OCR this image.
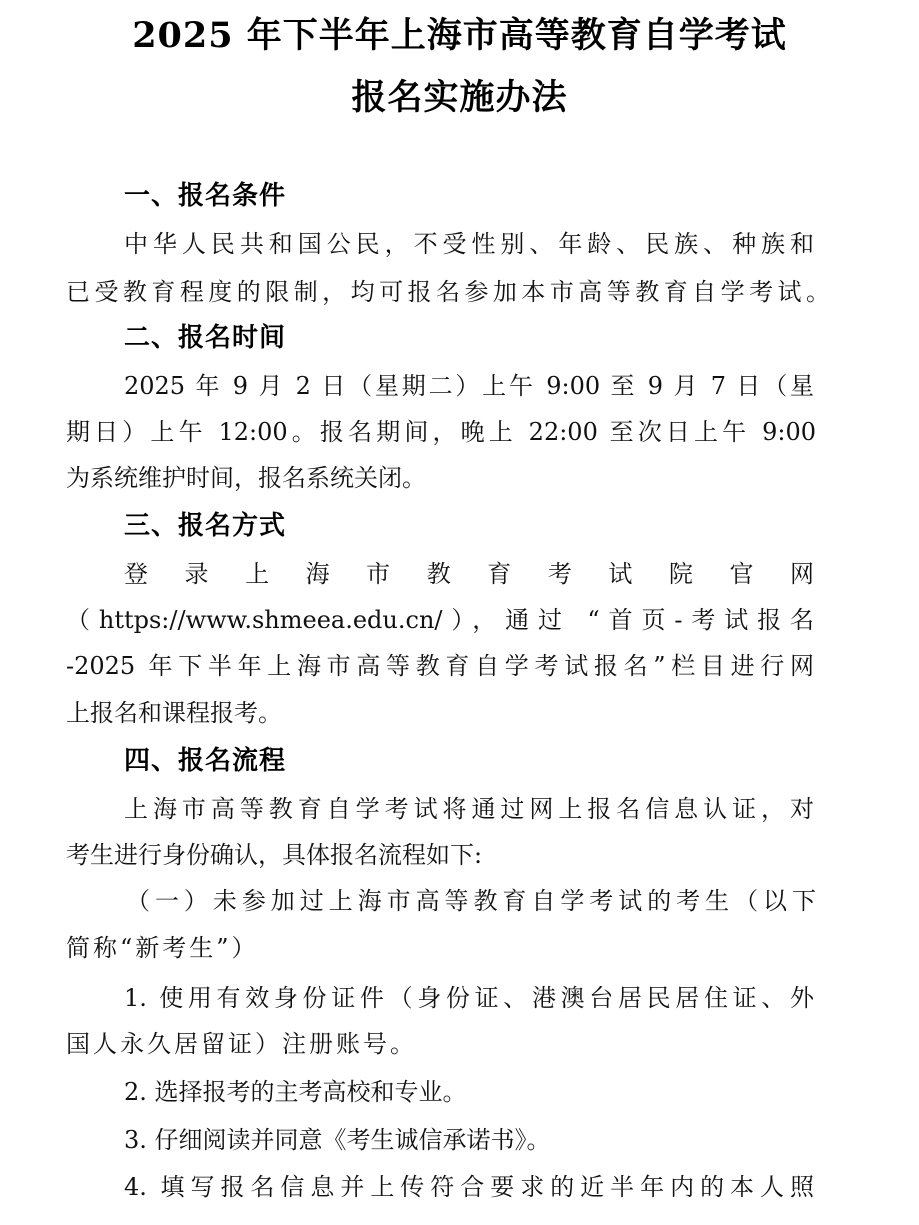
2025 年下半年上海市高等教育自学考试
报名实施办法
一、报名条件
中华人民共和国公民，不受性别、年龄、民族、种族和
已受教育程度的限制，均可报名参加本市高等教育自学考试。
二、报名时间
2025 年 9 月 2 日（星期二）上午 9:00 至 9 月 7 日（星
期日）上午 12:00。报名期间，晚上 22:00 至次日上午 9:00
为系统维护时间，报名系统关闭。
三、报名方式
登录上海市教育考试院官网
（https://www.shmeea.edu.cn/），通过 “首页-考试报名
-2025 年下半年上海市高等教育自学考试报名”栏目进行网
上报名和课程报考。
四、报名流程
上海市高等教育自学考试将通过网上报名信息认证，对
考生进行身份确认，具体报名流程如下:
（一）未参加过上海市高等教育自学考试的考生（以下
简称“新考生”）
1. 使用有效身份证件（身份证、港澳台居民居住证、外
国人永久居留证）注册账号。
2. 选择报考的主考高校和专业。
3. 仔细阅读并同意《考生诚信承诺书》。
4. 填写报名信息并上传符合要求的近半年内的本人照
